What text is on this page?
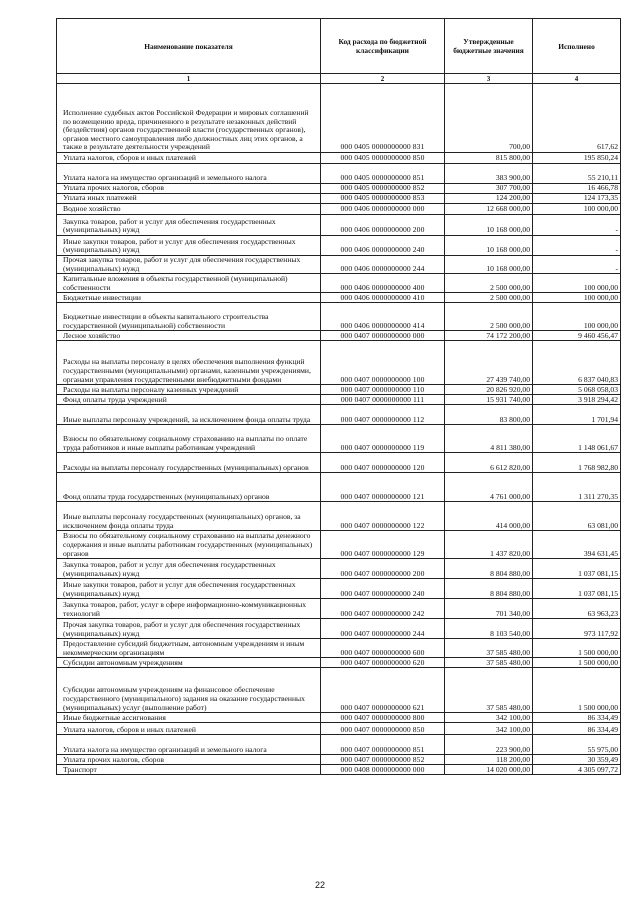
Наименование показателя	Код расхода по бюджетной классификации	Утвержденные бюджетные значения	Исполнено
1	2	3	4

Исполнение судебных актов Российской Федерации и мировых соглашений по возмещению вреда, причиненного в результате незаконных действий (бездействия) органов государственной власти (государственных органов), органов местного самоуправления либо должностных лиц этих органов, а также в результате деятельности учреждений	000 0405 0000000000 831	700,00	617,62

Уплата налогов, сборов и иных платежей	000 0405 0000000000 850	815 800,00	195 850,24

Уплата налога на имущество организаций и земельного налога	000 0405 0000000000 851	383 900,00	55 210,11

Уплата прочих налогов, сборов	000 0405 0000000000 852	307 700,00	16 466,78

Уплата иных платежей	000 0405 0000000000 853	124 200,00	124 173,35

Водное хозяйство	000 0406 0000000000 000	12 668 000,00	100 000,00

Закупка товаров, работ и услуг для обеспечения государственных (муниципальных) нужд	000 0406 0000000000 200	10 168 000,00	-

Иные закупки товаров, работ и услуг для обеспечения государственных (муниципальных) нужд	000 0406 0000000000 240	10 168 000,00	-

Прочая закупка товаров, работ и услуг для обеспечения государственных (муниципальных) нужд	000 0406 0000000000 244	10 168 000,00	-

Капитальные вложения в объекты государственной (муниципальной) собственности	000 0406 0000000000 400	2 500 000,00	100 000,00

Бюджетные инвестиции	000 0406 0000000000 410	2 500 000,00	100 000,00

Бюджетные инвестиции в объекты капитального строительства государственной (муниципальной) собственности	000 0406 0000000000 414	2 500 000,00	100 000,00

Лесное хозяйство	000 0407 0000000000 000	74 172 200,00	9 460 456,47

Расходы на выплаты персоналу в целях обеспечения выполнения функций государственными (муниципальными) органами, казенными учреждениями, органами управления государственными внебюджетными фондами	000 0407 0000000000 100	27 439 740,00	6 837 040,83

Расходы на выплаты персоналу казенных учреждений	000 0407 0000000000 110	20 826 920,00	5 068 058,03

Фонд оплаты труда учреждений	000 0407 0000000000 111	15 931 740,00	3 918 294,42

Иные выплаты персоналу учреждений, за исключением фонда оплаты труда	000 0407 0000000000 112	83 800,00	1 701,94

Взносы по обязательному социальному страхованию на выплаты по оплате труда работников и иные выплаты работникам учреждений	000 0407 0000000000 119	4 811 380,00	1 148 061,67

Расходы на выплаты персоналу государственных (муниципальных) органов	000 0407 0000000000 120	6 612 820,00	1 768 982,80

Фонд оплаты труда государственных (муниципальных) органов	000 0407 0000000000 121	4 761 000,00	1 311 270,35

Иные выплаты персоналу государственных (муниципальных) органов, за исключением фонда оплаты труда	000 0407 0000000000 122	414 000,00	63 081,00

Взносы по обязательному социальному страхованию на выплаты денежного содержания и иные выплаты работникам государственных (муниципальных) органов	000 0407 0000000000 129	1 437 820,00	394 631,45

Закупка товаров, работ и услуг для обеспечения государственных (муниципальных) нужд	000 0407 0000000000 200	8 804 880,00	1 037 081,15

Иные закупки товаров, работ и услуг для обеспечения государственных (муниципальных) нужд	000 0407 0000000000 240	8 804 880,00	1 037 081,15

Закупка товаров, работ, услуг в сфере информационно-коммуникационных технологий	000 0407 0000000000 242	701 340,00	63 963,23

Прочая закупка товаров, работ и услуг для обеспечения государственных (муниципальных) нужд	000 0407 0000000000 244	8 103 540,00	973 117,92

Предоставление субсидий бюджетным, автономным учреждениям и иным некоммерческим организациям	000 0407 0000000000 600	37 585 480,00	1 500 000,00

Субсидии автономным учреждениям	000 0407 0000000000 620	37 585 480,00	1 500 000,00

Субсидии автономным учреждениям на финансовое обеспечение государственного (муниципального) задания на оказание государственных (муниципальных) услуг (выполнение работ)	000 0407 0000000000 621	37 585 480,00	1 500 000,00

Иные бюджетные ассигнования	000 0407 0000000000 800	342 100,00	86 334,49

Уплата налогов, сборов и иных платежей	000 0407 0000000000 850	342 100,00	86 334,49

Уплата налога на имущество организаций и земельного налога	000 0407 0000000000 851	223 900,00	55 975,00

Уплата прочих налогов, сборов	000 0407 0000000000 852	118 200,00	30 359,49

Транспорт	000 0408 0000000000 000	14 020 000,00	4 305 097,72
22
